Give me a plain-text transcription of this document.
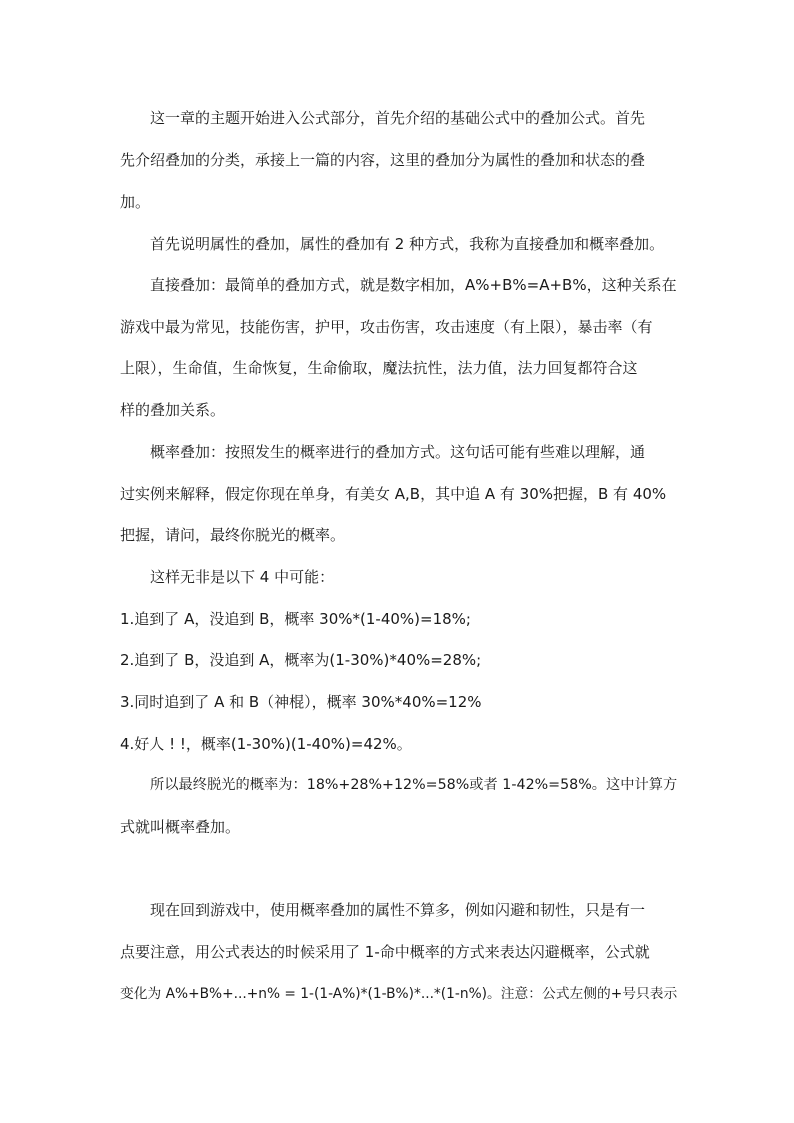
这一章的主题开始进入公式部分，首先介绍的基础公式中的叠加公式。首先
先介绍叠加的分类，承接上一篇的内容，这里的叠加分为属性的叠加和状态的叠
加。
首先说明属性的叠加，属性的叠加有 2 种方式，我称为直接叠加和概率叠加。
直接叠加：最简单的叠加方式，就是数字相加，A%+B%=A+B%，这种关系在
游戏中最为常见，技能伤害，护甲，攻击伤害，攻击速度（有上限），暴击率（有
上限），生命值，生命恢复，生命偷取，魔法抗性，法力值，法力回复都符合这
样的叠加关系。
概率叠加：按照发生的概率进行的叠加方式。这句话可能有些难以理解，通
过实例来解释，假定你现在单身，有美女 A,B，其中追 A 有 30%把握，B 有 40%
把握，请问，最终你脱光的概率。
这样无非是以下 4 中可能：
1.追到了 A，没追到 B，概率 30%*(1-40%)=18%;
2.追到了 B，没追到 A，概率为(1-30%)*40%=28%;
3.同时追到了 A 和 B（神棍），概率 30%*40%=12%
4.好人 ! !，概率(1-30%)(1-40%)=42%。
所以最终脱光的概率为：18%+28%+12%=58%或者 1-42%=58%。这中计算方
式就叫概率叠加。
现在回到游戏中，使用概率叠加的属性不算多，例如闪避和韧性，只是有一
点要注意，用公式表达的时候采用了 1-命中概率的方式来表达闪避概率，公式就
变化为 A%+B%+...+n% = 1-(1-A%)*(1-B%)*...*(1-n%)。注意：公式左侧的+号只表示
